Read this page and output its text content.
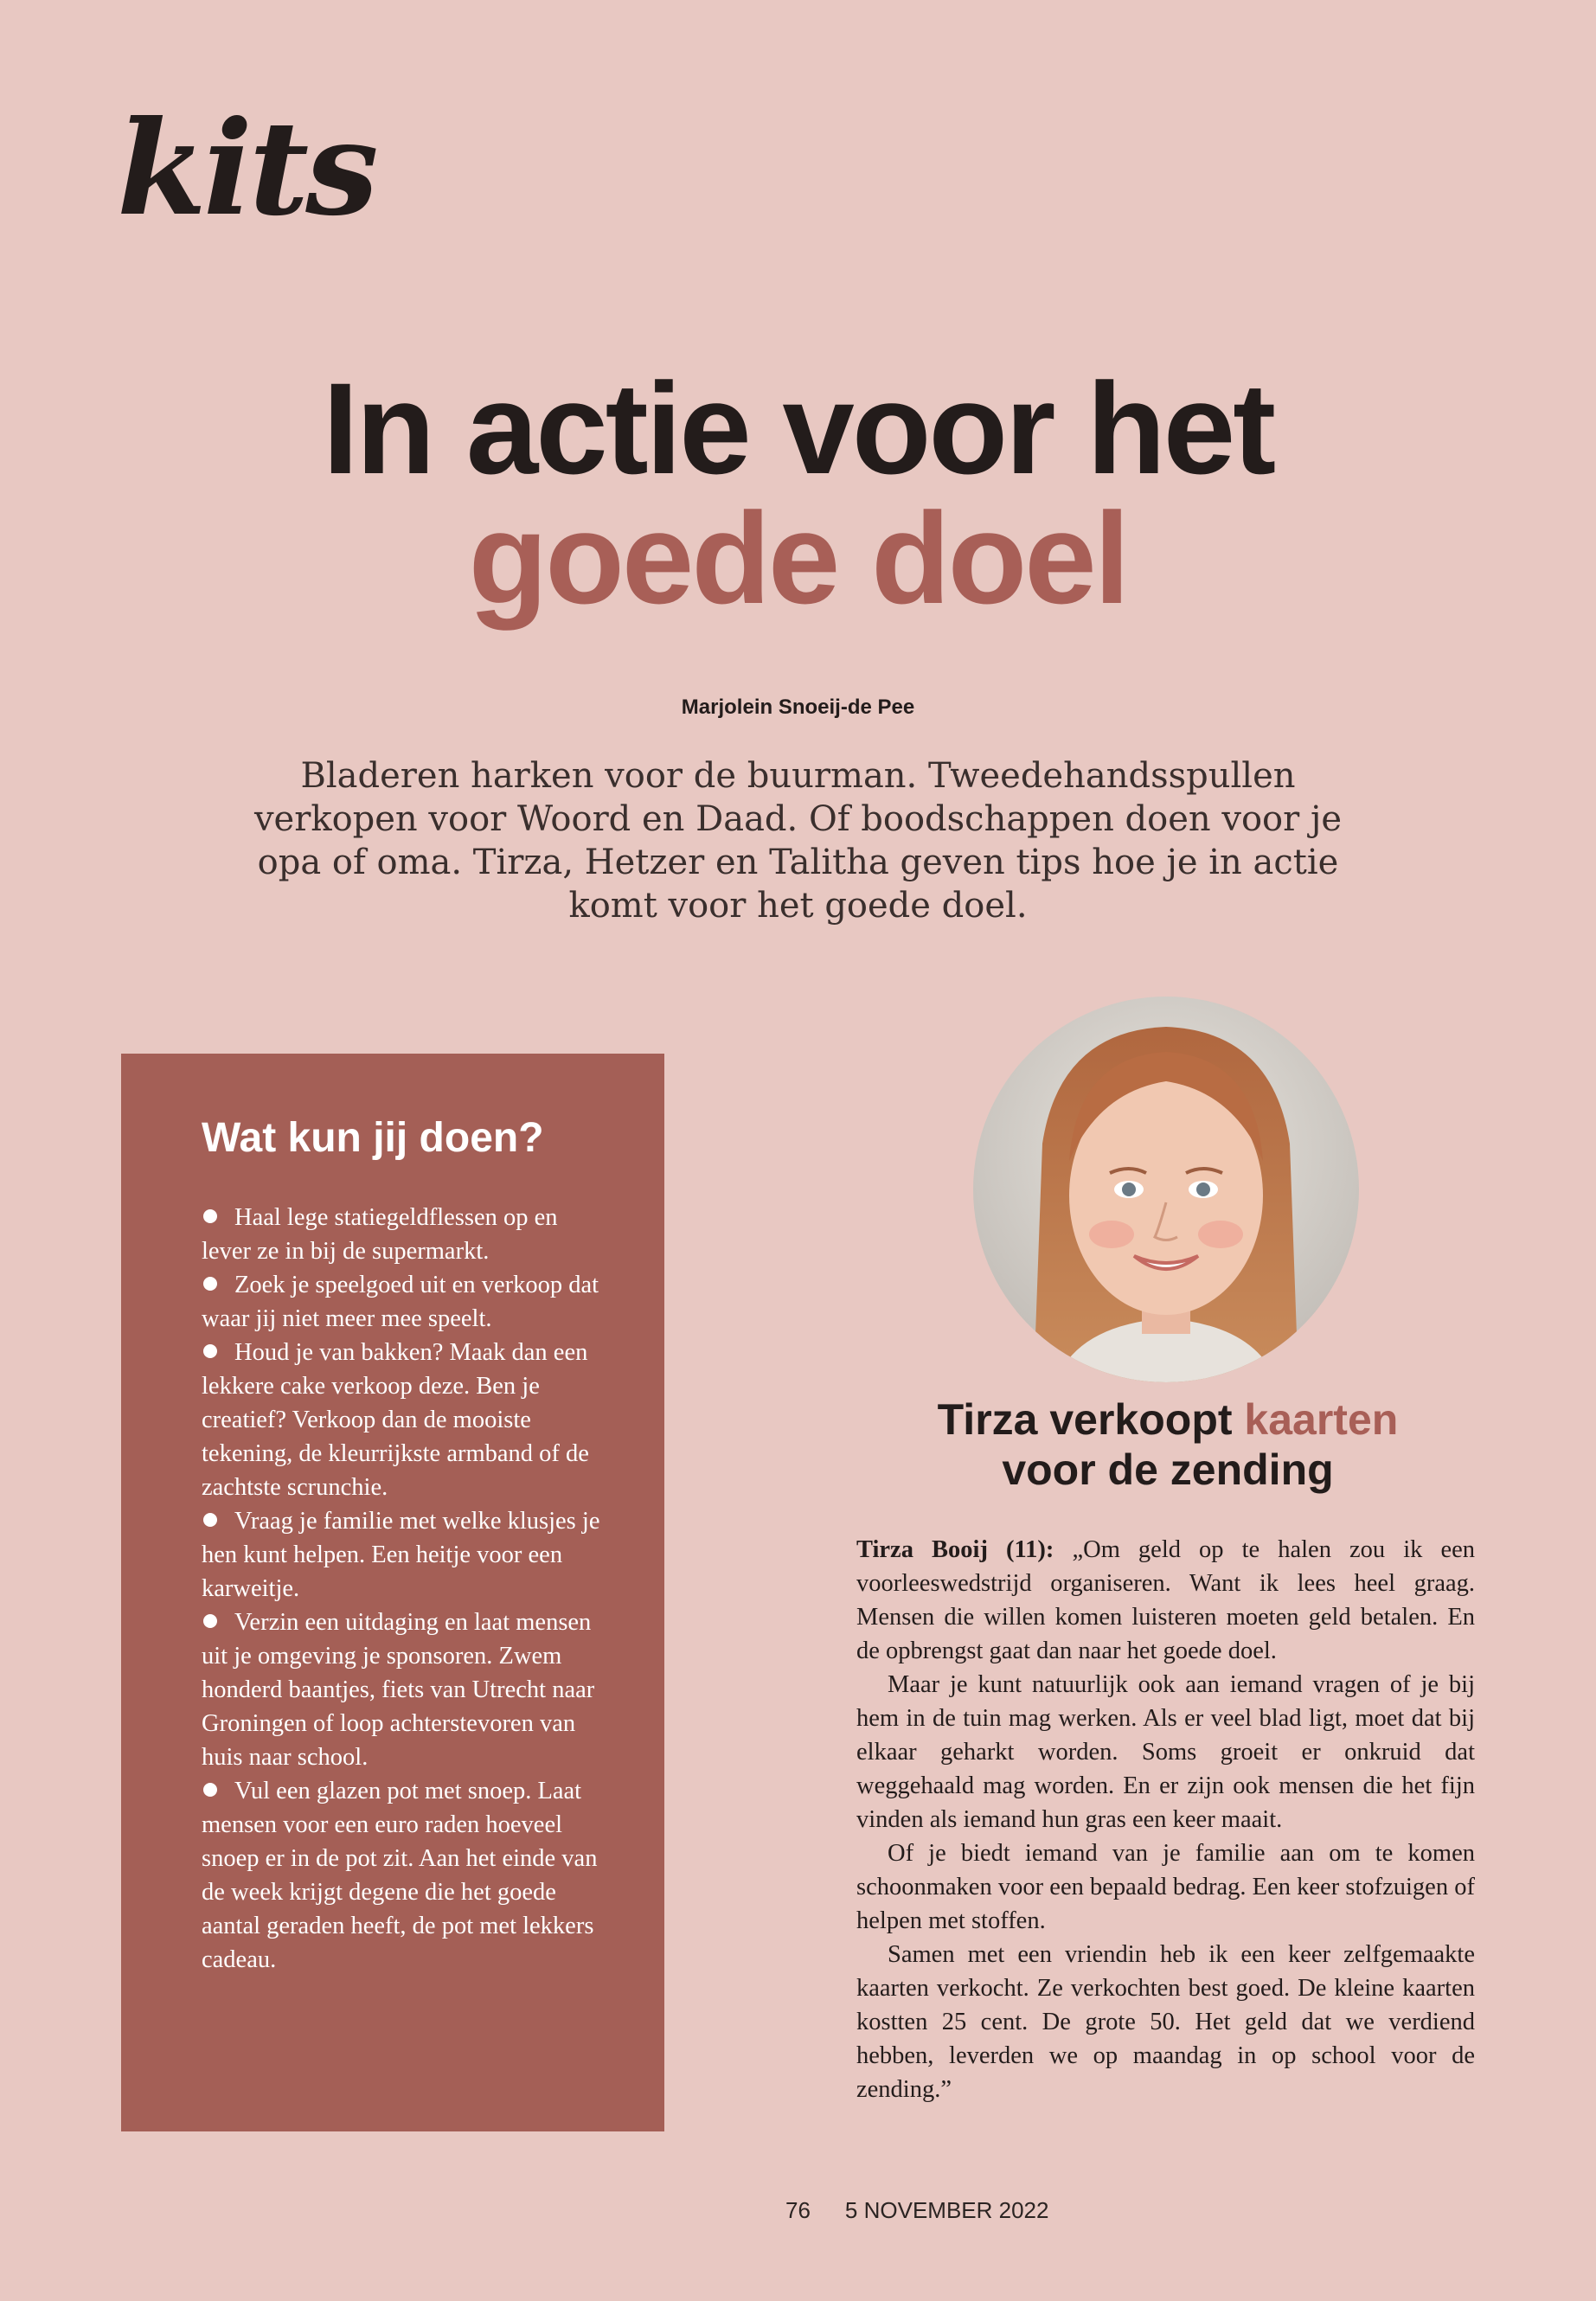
kits
In actie voor het
goede doel
Marjolein Snoeij-de Pee
Bladeren harken voor de buurman. Tweedehandsspullen verkopen voor Woord en Daad. Of boodschappen doen voor je opa of oma. Tirza, Hetzer en Talitha geven tips hoe je in actie komt voor het goede doel.
Wat kun jij doen?
Haal lege statiegeldflessen op en lever ze in bij de supermarkt.
Zoek je speelgoed uit en verkoop dat waar jij niet meer mee speelt.
Houd je van bakken? Maak dan een lekkere cake verkoop deze. Ben je creatief? Verkoop dan de mooiste tekening, de kleurrijkste armband of de zachtste scrunchie.
Vraag je familie met welke klusjes je hen kunt helpen. Een heitje voor een karweitje.
Verzin een uitdaging en laat mensen uit je omgeving je sponsoren. Zwem honderd baantjes, fiets van Utrecht naar Groningen of loop achterstevoren van huis naar school.
Vul een glazen pot met snoep. Laat mensen voor een euro raden hoeveel snoep er in de pot zit. Aan het einde van de week krijgt degene die het goede aantal geraden heeft, de pot met lekkers cadeau.
Tirza verkoopt kaarten
voor de zending

Tirza Booij (11): „Om geld op te halen zou ik een voorleeswedstrijd organiseren. Want ik lees heel graag. Mensen die willen komen luisteren moeten geld betalen. En de opbrengst gaat dan naar het goede doel.

Maar je kunt natuurlijk ook aan iemand vragen of je bij hem in de tuin mag werken. Als er veel blad ligt, moet dat bij elkaar geharkt worden. Soms groeit er onkruid dat weggehaald mag worden. En er zijn ook mensen die het fijn vinden als iemand hun gras een keer maait.

Of je biedt iemand van je familie aan om te komen schoonmaken voor een bepaald bedrag. Een keer stofzuigen of helpen met stoffen.

Samen met een vriendin heb ik een keer zelfgemaakte kaarten verkocht. Ze verkochten best goed. De kleine kaarten kostten 25 cent. De grote 50. Het geld dat we verdiend hebben, leverden we op maandag in op school voor de zending.”

76 5 NOVEMBER 2022
